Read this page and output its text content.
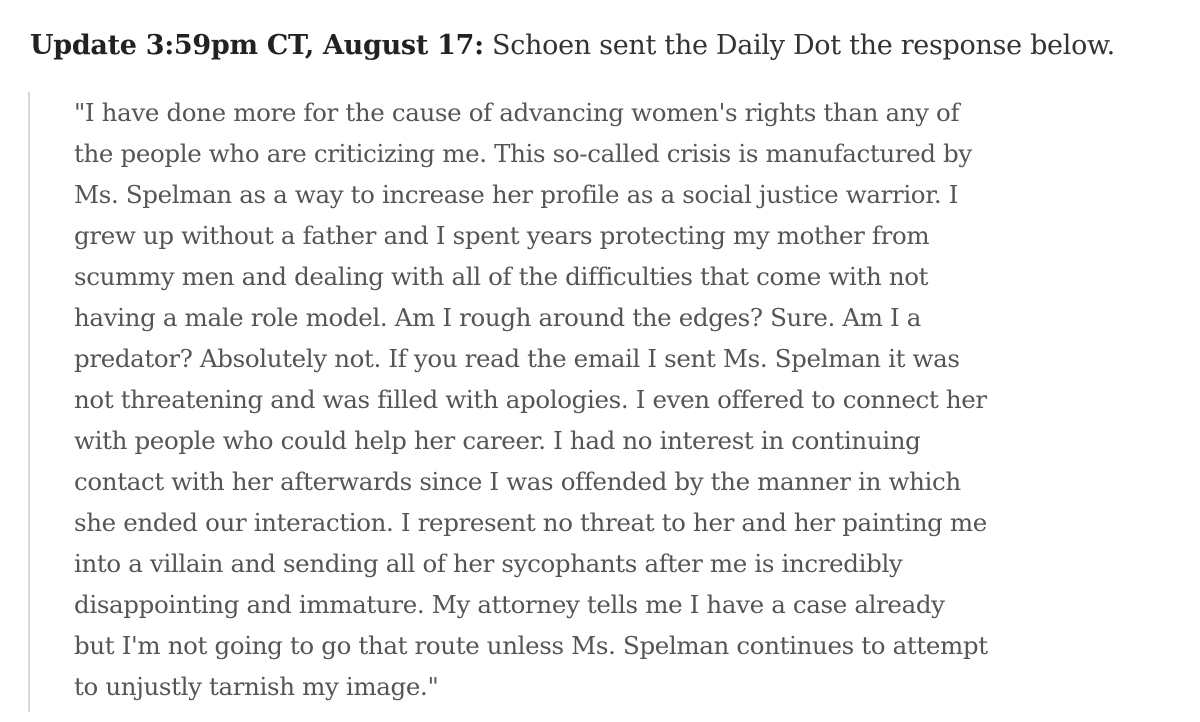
Update 3:59pm CT, August 17: Schoen sent the Daily Dot the response below.
"I have done more for the cause of advancing women's rights than any of
the people who are criticizing me. This so-called crisis is manufactured by
Ms. Spelman as a way to increase her profile as a social justice warrior. I
grew up without a father and I spent years protecting my mother from
scummy men and dealing with all of the difficulties that come with not
having a male role model. Am I rough around the edges? Sure. Am I a
predator? Absolutely not. If you read the email I sent Ms. Spelman it was
not threatening and was filled with apologies. I even offered to connect her
with people who could help her career. I had no interest in continuing
contact with her afterwards since I was offended by the manner in which
she ended our interaction. I represent no threat to her and her painting me
into a villain and sending all of her sycophants after me is incredibly
disappointing and immature. My attorney tells me I have a case already
but I'm not going to go that route unless Ms. Spelman continues to attempt
to unjustly tarnish my image."
